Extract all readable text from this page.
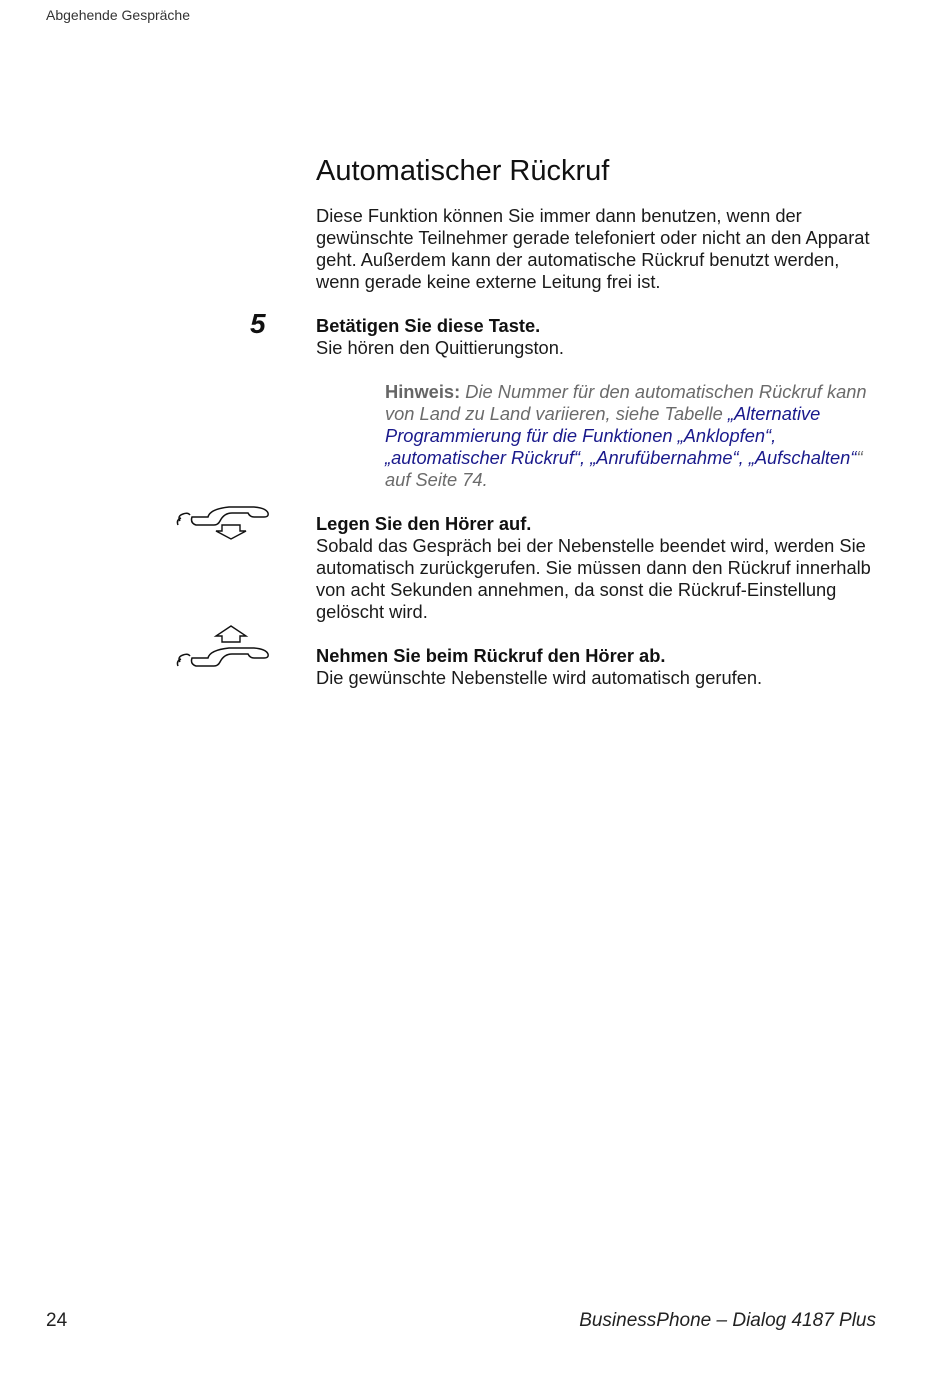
Abgehende Gespräche
Automatischer Rückruf

Diese Funktion können Sie immer dann benutzen, wenn der gewünschte Teilnehmer gerade telefoniert oder nicht an den Apparat geht. Außerdem kann der automatische Rückruf benutzt werden, wenn gerade keine externe Leitung frei ist.

5	Betätigen Sie diese Taste.
Sie hören den Quittierungston.

Hinweis: Die Nummer für den automatischen Rückruf kann von Land zu Land variieren, siehe Tabelle „Alternative Programmierung für die Funktionen „Anklopfen“, „automatischer Rückruf“, „Anrufübernahme“, „Aufschalten““ auf Seite 74.

Legen Sie den Hörer auf.
Sobald das Gespräch bei der Nebenstelle beendet wird, werden Sie automatisch zurückgerufen. Sie müssen dann den Rückruf innerhalb von acht Sekunden annehmen, da sonst die Rückruf-Einstellung gelöscht wird.

Nehmen Sie beim Rückruf den Hörer ab.
Die gewünschte Nebenstelle wird automatisch gerufen.

24	BusinessPhone – Dialog 4187 Plus
